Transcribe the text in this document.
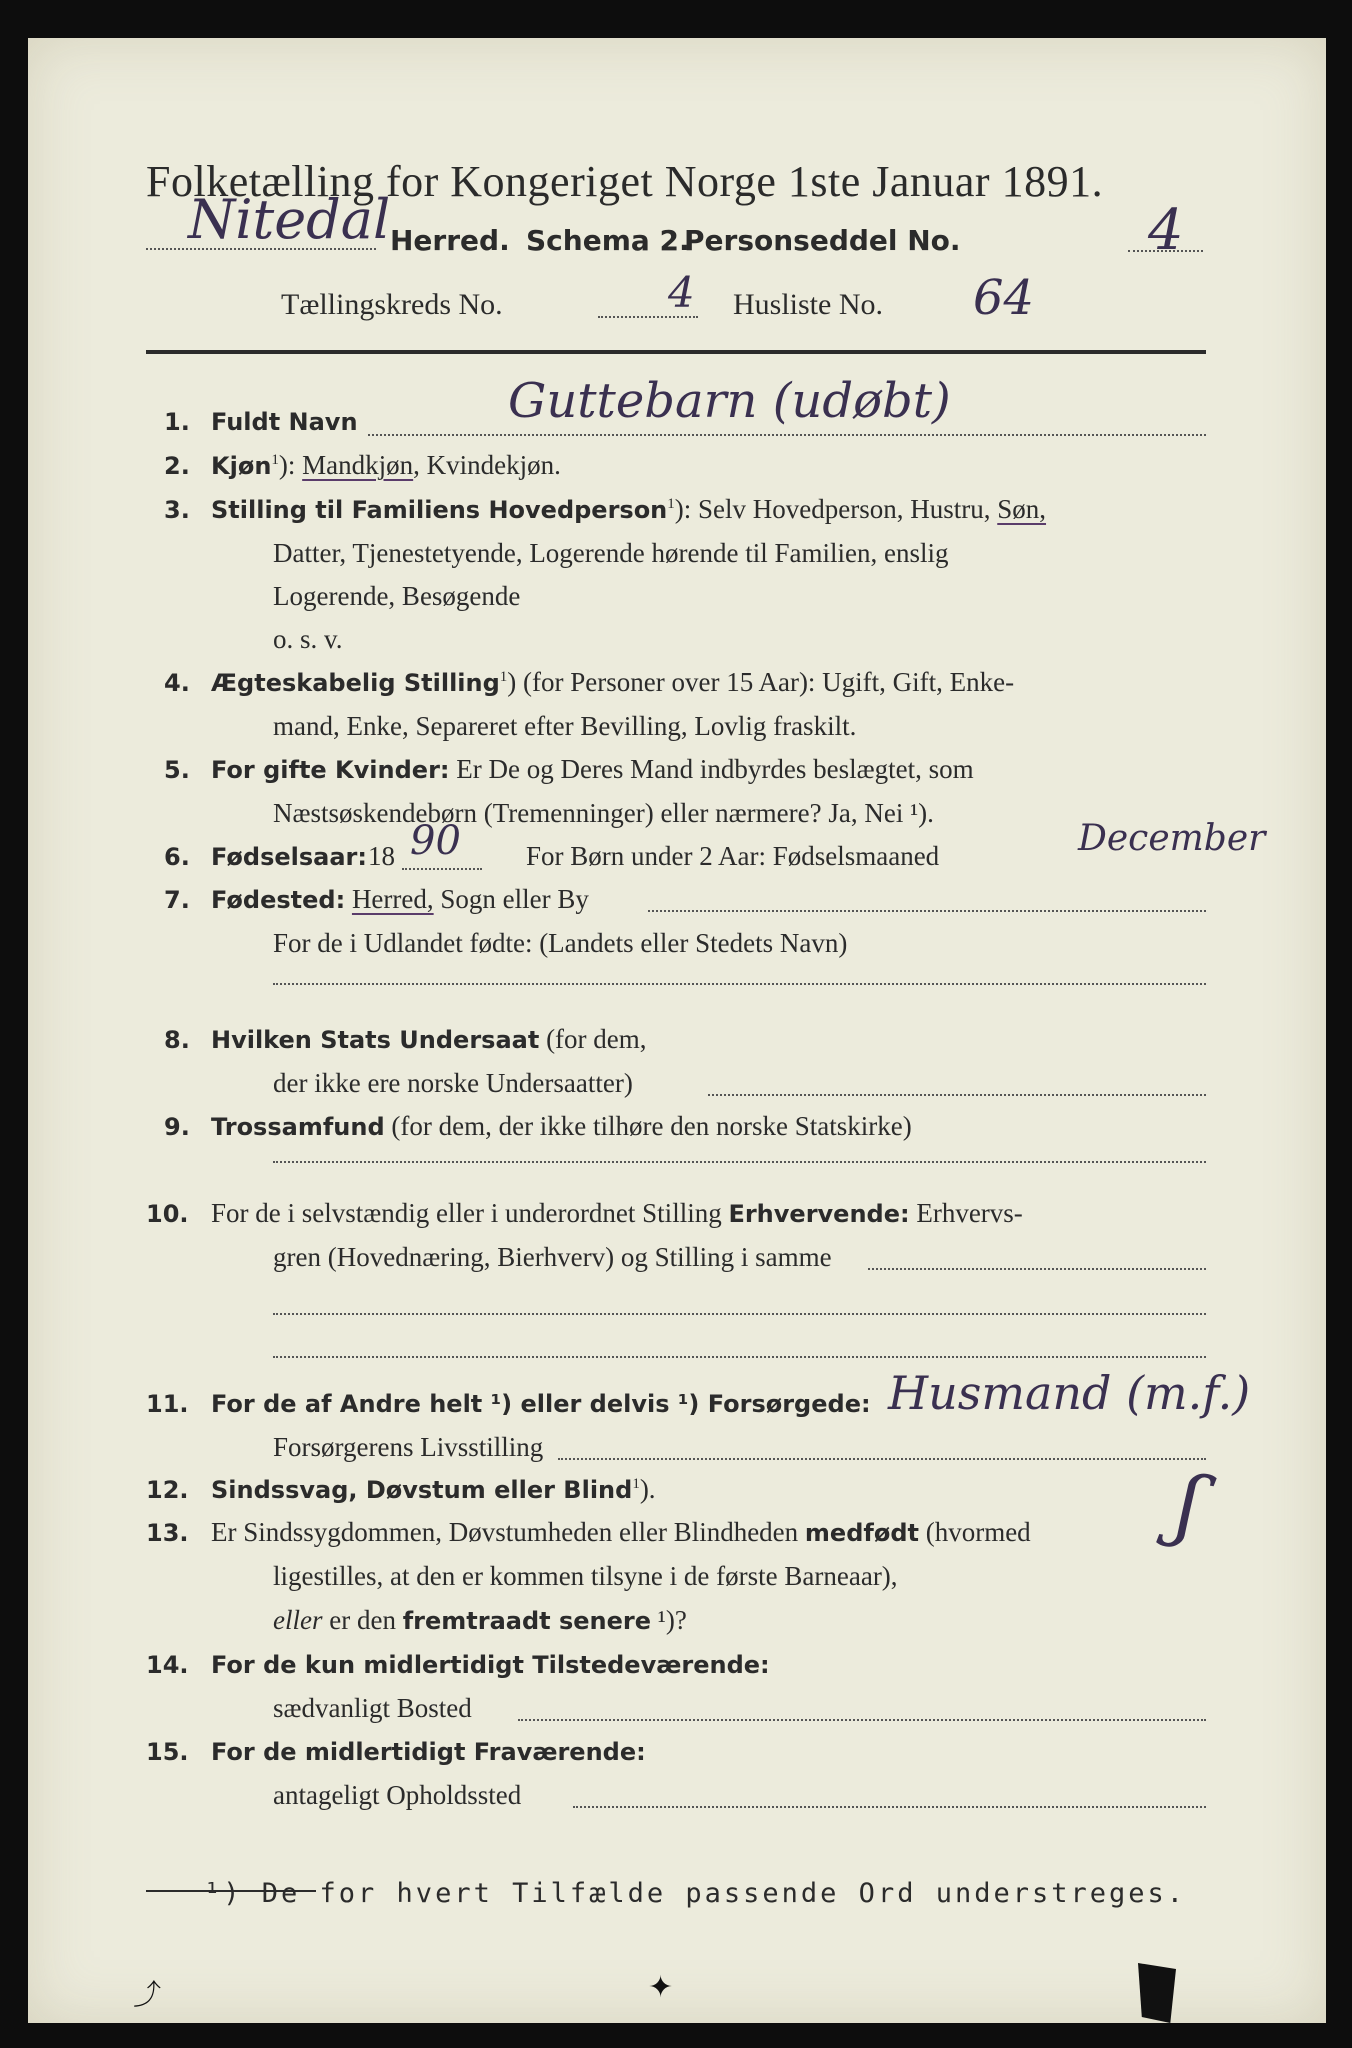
Folketælling for Kongeriget Norge 1ste Januar 1891.
Nitedal Herred. Schema 2.
Personseddel No.	4
Tællingskreds No.	4 Husliste No. 64
1. Fuldt Navn	Guttebarn (udøbt)
2. Kjøn$^1$): Mandkjøn, Kvindekjøn.
3. Stilling til Familiens Hovedperson$^1$): Selv Hovedperson, Hustru, Søn,
Datter, Tjenestetyende, Logerende hørende til Familien, enslig
Logerende, Besøgende
o. s. v.
4. Ægteskabelig Stilling$^1$) (for Personer over 15 Aar): Ugift, Gift, Enke-
mand, Enke, Separeret efter Bevilling, Lovlig fraskilt.
5. For gifte Kvinder: Er De og Deres Mand indbyrdes beslægtet, som
Næstsøskendebørn (Tremenninger) eller nærmere? Ja, Nei ¹).
6. Fødselsaar: 18 90 For Børn under 2 Aar: Fødselsmaaned	December
7. Fødested: Herred, Sogn eller By
For de i Udlandet fødte: (Landets eller Stedets Navn)
8. Hvilken Stats Undersaat (for dem,
der ikke ere norske Undersaatter)
9. Trossamfund (for dem, der ikke tilhøre den norske Statskirke)
10. For de i selvstændig eller i underordnet Stilling Erhvervende: Erhvervs-
gren (Hovednæring, Bierhverv) og Stilling i samme
11. For de af Andre helt ¹) eller delvis ¹) Forsørgede:
Forsørgerens Livsstilling
Husmand (m.f.)
12. Sindssvag, Døvstum eller Blind$^1$).	ʃ
13. Er Sindssygdommen, Døvstumheden eller Blindheden medfødt (hvormed
ligestilles, at den er kommen tilsyne i de første Barneaar),
eller er den fremtraadt senere ¹)?
14. For de kun midlertidigt Tilstedeværende:
sædvanligt Bosted
15. For de midlertidigt Fraværende:
antageligt Opholdssted
¹) De for hvert Tilfælde passende Ord understreges.
⤴	✦
